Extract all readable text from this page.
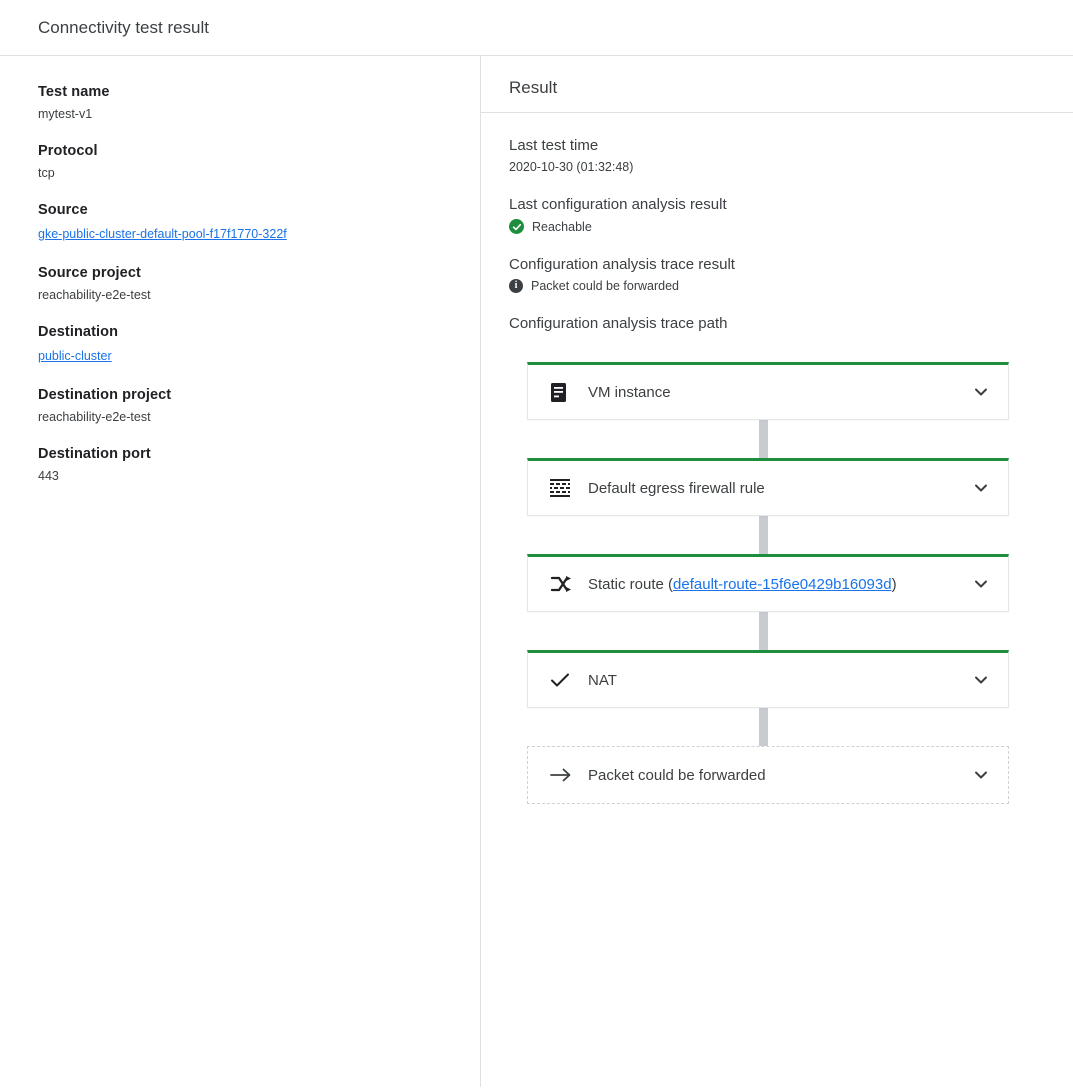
Connectivity test result
Test name
mytest-v1
Protocol
tcp
Source
gke-public-cluster-default-pool-f17f1770-322f
Source project
reachability-e2e-test
Destination
public-cluster
Destination project
reachability-e2e-test
Destination port
443
Result
Last test time
2020-10-30 (01:32:48)
Last configuration analysis result
Reachable
Configuration analysis trace result
i	Packet could be forwarded
Configuration analysis trace path
VM instance
Default egress firewall rule
Static route (default-route-15f6e0429b16093d)
NAT
Packet could be forwarded
